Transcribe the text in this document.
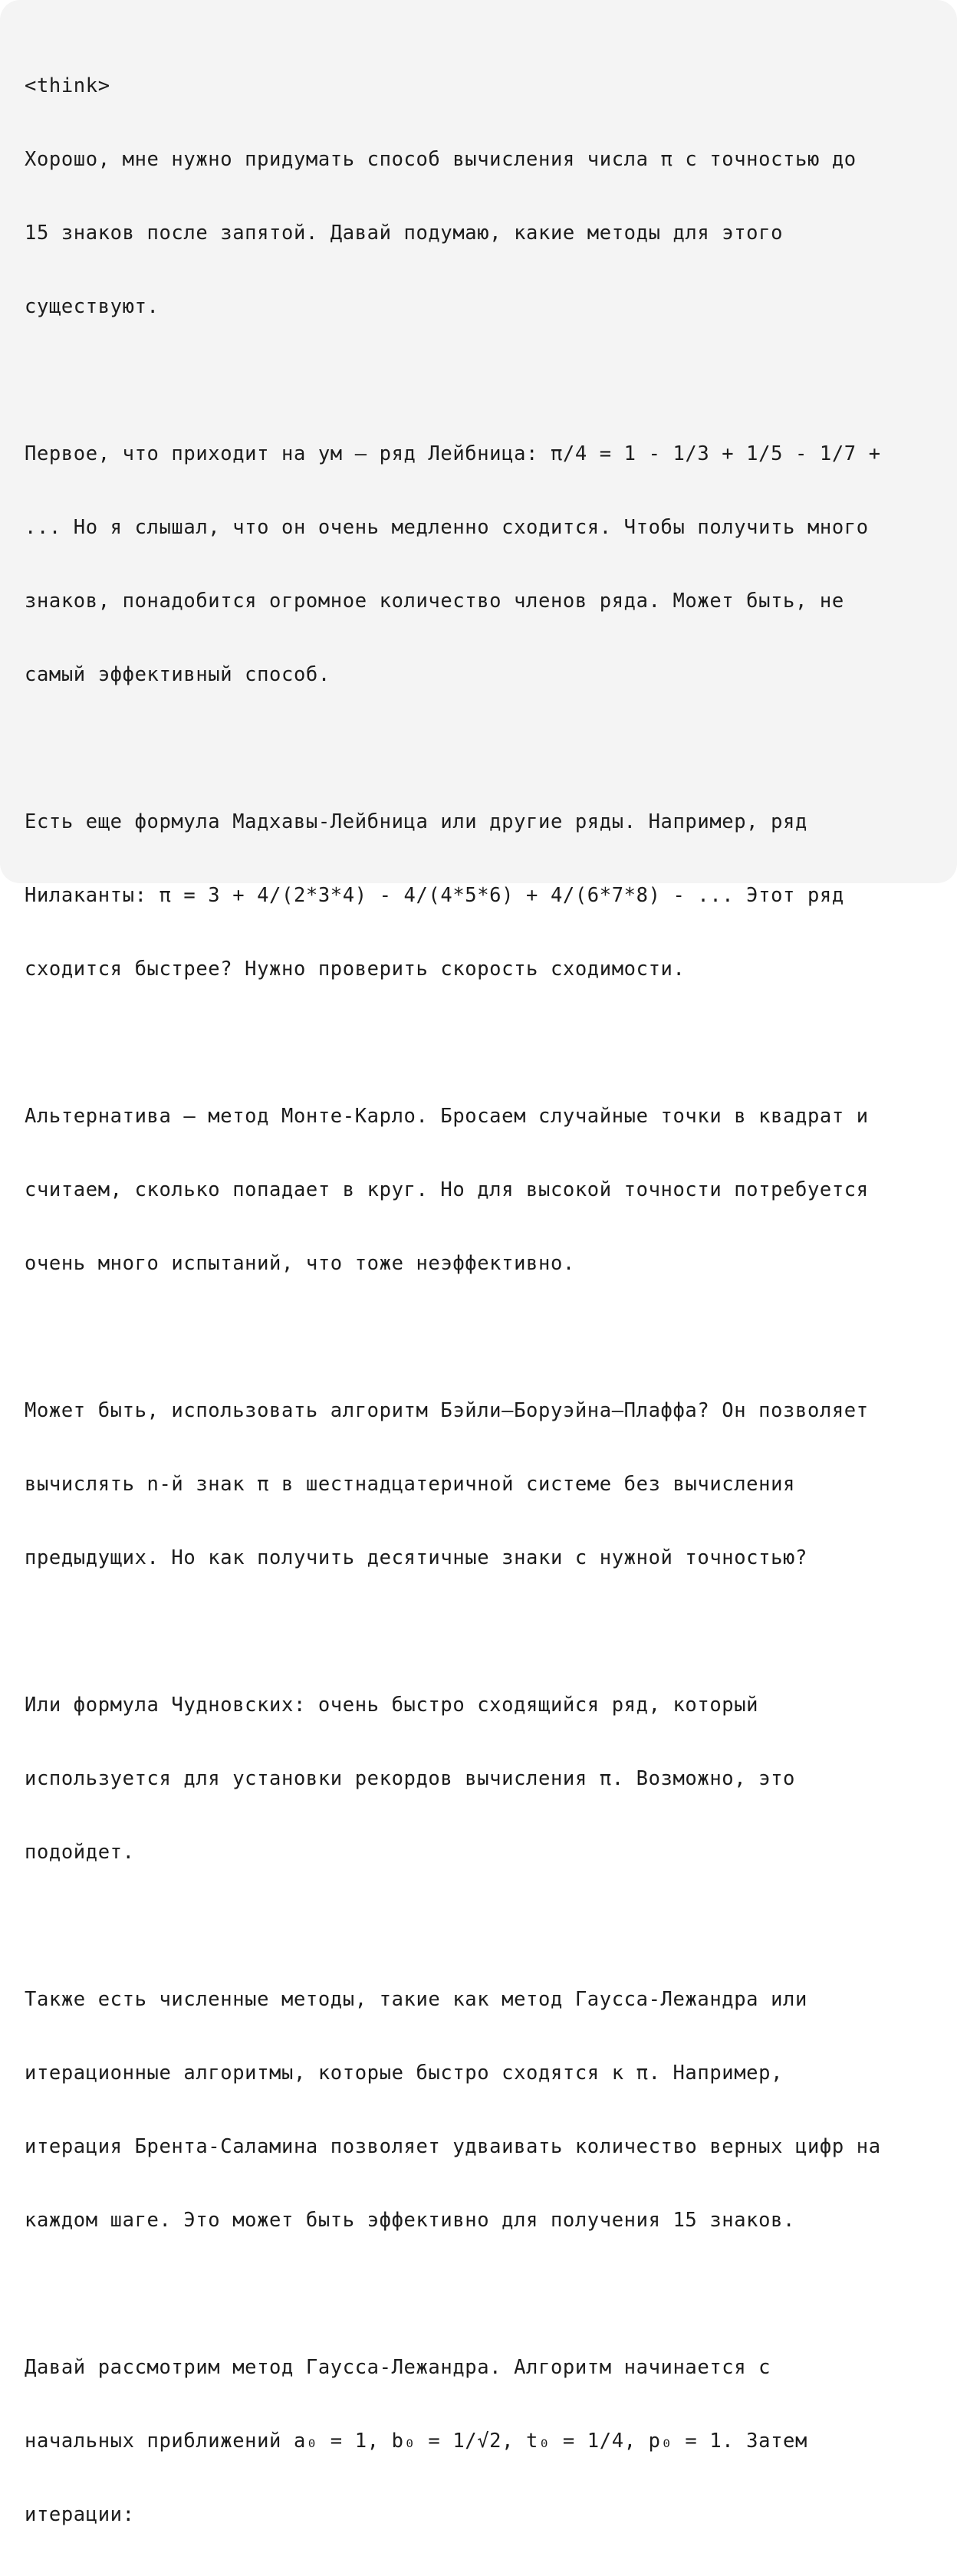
<think>

Хорошо, мне нужно придумать способ вычисления числа π с точностью до

15 знаков после запятой. Давай подумаю, какие методы для этого

существуют.

Первое, что приходит на ум — ряд Лейбница: π/4 = 1 - 1/3 + 1/5 - 1/7 +

... Но я слышал, что он очень медленно сходится. Чтобы получить много

знаков, понадобится огромное количество членов ряда. Может быть, не

самый эффективный способ.

Есть еще формула Мадхавы-Лейбница или другие ряды. Например, ряд

Нилаканты: π = 3 + 4/(2*3*4) - 4/(4*5*6) + 4/(6*7*8) - ... Этот ряд

сходится быстрее? Нужно проверить скорость сходимости.

Альтернатива — метод Монте-Карло. Бросаем случайные точки в квадрат и

считаем, сколько попадает в круг. Но для высокой точности потребуется

очень много испытаний, что тоже неэффективно.

Может быть, использовать алгоритм Бэйли—Боруэйна—Плаффа? Он позволяет

вычислять n-й знак π в шестнадцатеричной системе без вычисления

предыдущих. Но как получить десятичные знаки с нужной точностью?

Или формула Чудновских: очень быстро сходящийся ряд, который

используется для установки рекордов вычисления π. Возможно, это

подойдет.

Также есть численные методы, такие как метод Гаусса-Лежандра или

итерационные алгоритмы, которые быстро сходятся к π. Например,

итерация Брента-Саламина позволяет удваивать количество верных цифр на

каждом шаге. Это может быть эффективно для получения 15 знаков.

Давай рассмотрим метод Гаусса-Лежандра. Алгоритм начинается с

начальных приближений a₀ = 1, b₀ = 1/√2, t₀ = 1/4, p₀ = 1. Затем

итерации:
